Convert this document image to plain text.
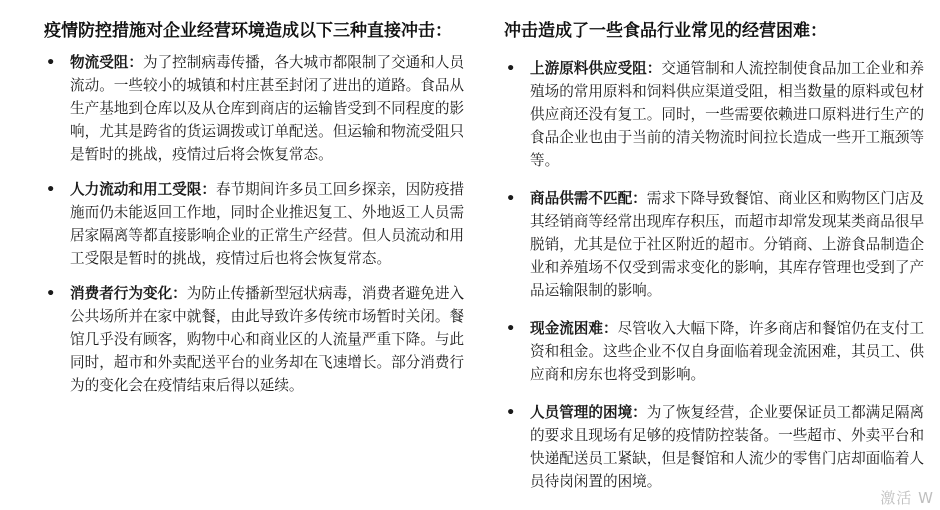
疫情防控措施对企业经营环境造成以下三种直接冲击：

• 物流受阻：为了控制病毒传播，各大城市都限制了交通和人员流动。一些较小的城镇和村庄甚至封闭了进出的道路。食品从生产基地到仓库以及从仓库到商店的运输皆受到不同程度的影响，尤其是跨省的货运调拨或订单配送。但运输和物流受阻只是暂时的挑战，疫情过后将会恢复常态。
• 人力流动和用工受限：春节期间许多员工回乡探亲，因防疫措施而仍未能返回工作地，同时企业推迟复工、外地返工人员需居家隔离等都直接影响企业的正常生产经营。但人员流动和用工受限是暂时的挑战，疫情过后也将会恢复常态。
• 消费者行为变化：为防止传播新型冠状病毒，消费者避免进入公共场所并在家中就餐，由此导致许多传统市场暂时关闭。餐馆几乎没有顾客，购物中心和商业区的人流量严重下降。与此同时，超市和外卖配送平台的业务却在飞速增长。部分消费行为的变化会在疫情结束后得以延续。

冲击造成了一些食品行业常见的经营困难：

• 上游原料供应受阻：交通管制和人流控制使食品加工企业和养殖场的常用原料和饲料供应渠道受阻，相当数量的原料或包材供应商还没有复工。同时，一些需要依赖进口原料进行生产的食品企业也由于当前的清关物流时间拉长造成一些开工瓶颈等等。
• 商品供需不匹配：需求下降导致餐馆、商业区和购物区门店及其经销商等经常出现库存积压，而超市却常发现某类商品很早脱销，尤其是位于社区附近的超市。分销商、上游食品制造企业和养殖场不仅受到需求变化的影响，其库存管理也受到了产品运输限制的影响。
• 现金流困难：尽管收入大幅下降，许多商店和餐馆仍在支付工资和租金。这些企业不仅自身面临着现金流困难，其员工、供应商和房东也将受到影响。
• 人员管理的困境：为了恢复经营，企业要保证员工都满足隔离的要求且现场有足够的疫情防控装备。一些超市、外卖平台和快递配送员工紧缺，但是餐馆和人流少的零售门店却面临着人员待岗闲置的困境。
激活 W
